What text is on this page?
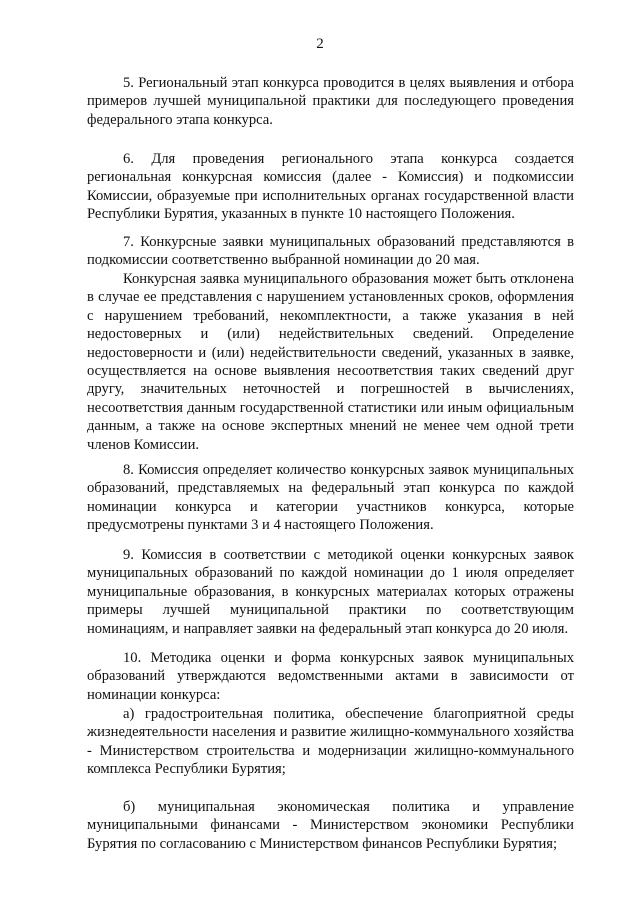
2

5. Региональный этап конкурса проводится в целях выявления и отбора примеров лучшей муниципальной практики для последующего проведения федерального этапа конкурса.

6. Для проведения регионального этапа конкурса создается региональная конкурсная комиссия (далее - Комиссия) и подкомиссии Комиссии, образуемые при исполнительных органах государственной власти Республики Бурятия, указанных в пункте 10 настоящего Положения.

7. Конкурсные заявки муниципальных образований представляются в подкомиссии соответственно выбранной номинации до 20 мая.

Конкурсная заявка муниципального образования может быть отклонена в случае ее представления с нарушением установленных сроков, оформления с нарушением требований, некомплектности, а также указания в ней недостоверных и (или) недействительных сведений. Определение недостоверности и (или) недействительности сведений, указанных в заявке, осуществляется на основе выявления несоответствия таких сведений друг другу, значительных неточностей и погрешностей в вычислениях, несоответствия данным государственной статистики или иным официальным данным, а также на основе экспертных мнений не менее чем одной трети членов Комиссии.

8. Комиссия определяет количество конкурсных заявок муниципальных образований, представляемых на федеральный этап конкурса по каждой номинации конкурса и категории участников конкурса, которые предусмотрены пунктами 3 и 4 настоящего Положения.

9. Комиссия в соответствии с методикой оценки конкурсных заявок муниципальных образований по каждой номинации до 1 июля определяет муниципальные образования, в конкурсных материалах которых отражены примеры лучшей муниципальной практики по соответствующим номинациям, и направляет заявки на федеральный этап конкурса до 20 июля.

10. Методика оценки и форма конкурсных заявок муниципальных образований утверждаются ведомственными актами в зависимости от номинации конкурса:

а) градостроительная политика, обеспечение благоприятной среды жизнедеятельности населения и развитие жилищно-коммунального хозяйства - Министерством строительства и модернизации жилищно-коммунального комплекса Республики Бурятия;

б) муниципальная экономическая политика и управление муниципальными финансами - Министерством экономики Республики Бурятия по согласованию с Министерством финансов Республики Бурятия;
